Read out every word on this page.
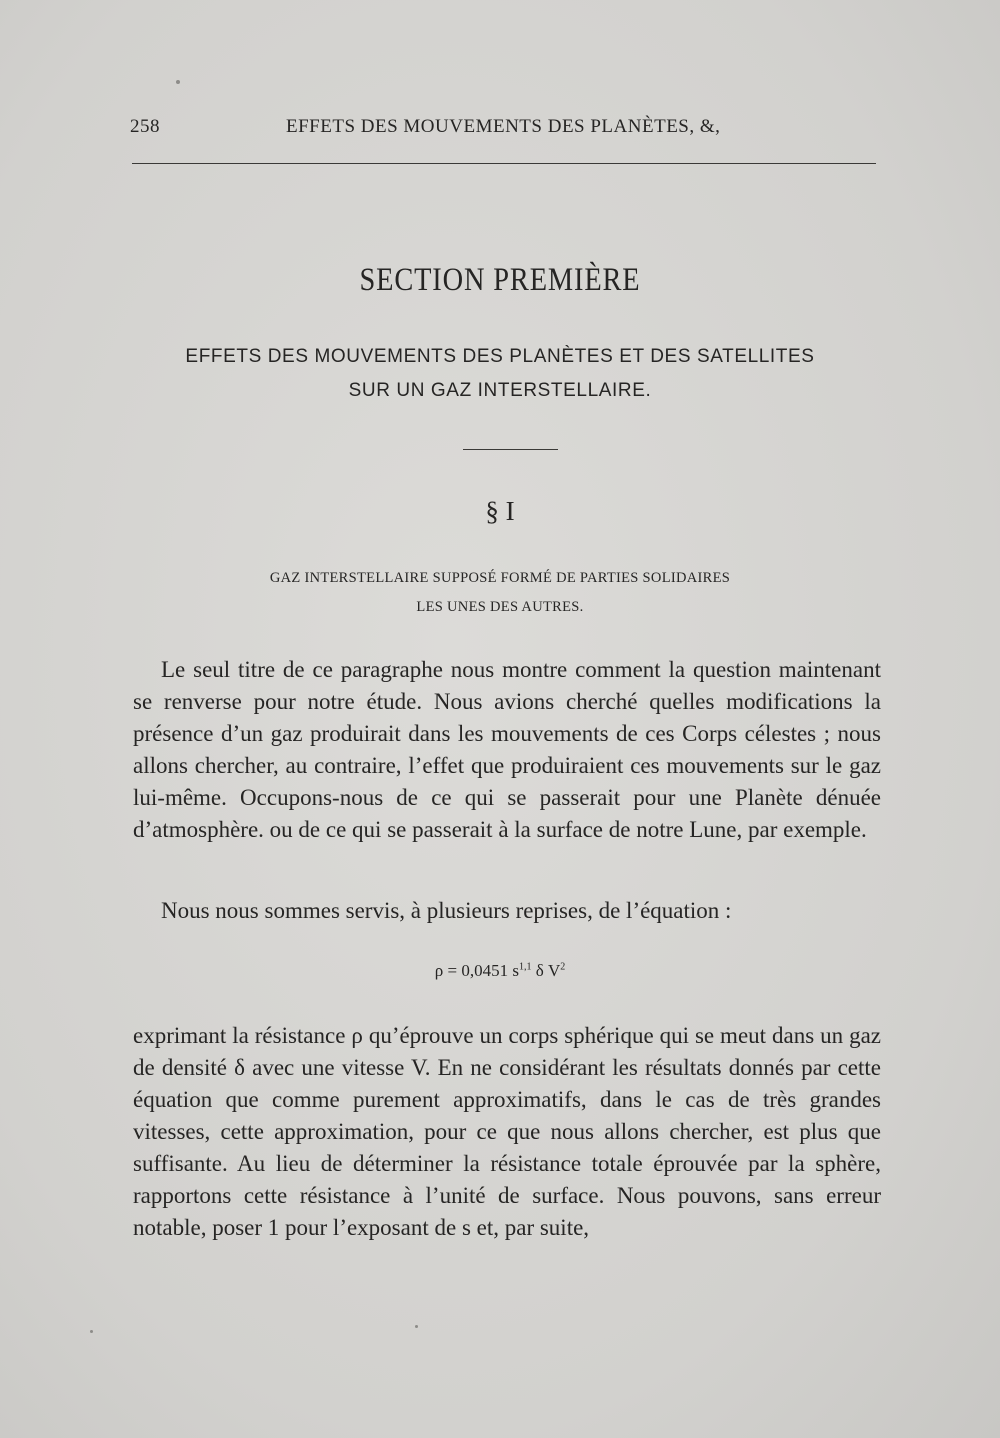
258	EFFETS DES MOUVEMENTS DES PLANÈTES, &,
SECTION PREMIÈRE
EFFETS DES MOUVEMENTS DES PLANÈTES ET DES SATELLITES
SUR UN GAZ INTERSTELLAIRE.
§ I
GAZ INTERSTELLAIRE SUPPOSÉ FORMÉ DE PARTIES SOLIDAIRES
LES UNES DES AUTRES.

Le seul titre de ce paragraphe nous montre comment la question maintenant se renverse pour notre étude. Nous avions cherché quelles modifications la présence d’un gaz produirait dans les mouvements de ces Corps célestes ; nous allons chercher, au contraire, l’effet que produiraient ces mouvements sur le gaz lui-même. Occupons-nous de ce qui se passerait pour une Planète dénuée d’atmosphère. ou de ce qui se passerait à la surface de notre Lune, par exemple.

Nous nous sommes servis, à plusieurs reprises, de l’équation :

ρ = 0,0451 $s^{1,1}$ δ $V^2$

exprimant la résistance ρ qu’éprouve un corps sphérique qui se meut dans un gaz de densité δ avec une vitesse V. En ne considérant les résultats donnés par cette équation que comme purement approximatifs, dans le cas de très grandes vitesses, cette approximation, pour ce que nous allons chercher, est plus que suffisante. Au lieu de déterminer la résistance totale éprouvée par la sphère, rapportons cette résistance à l’unité de surface. Nous pouvons, sans erreur notable, poser 1 pour l’exposant de s et, par suite,
